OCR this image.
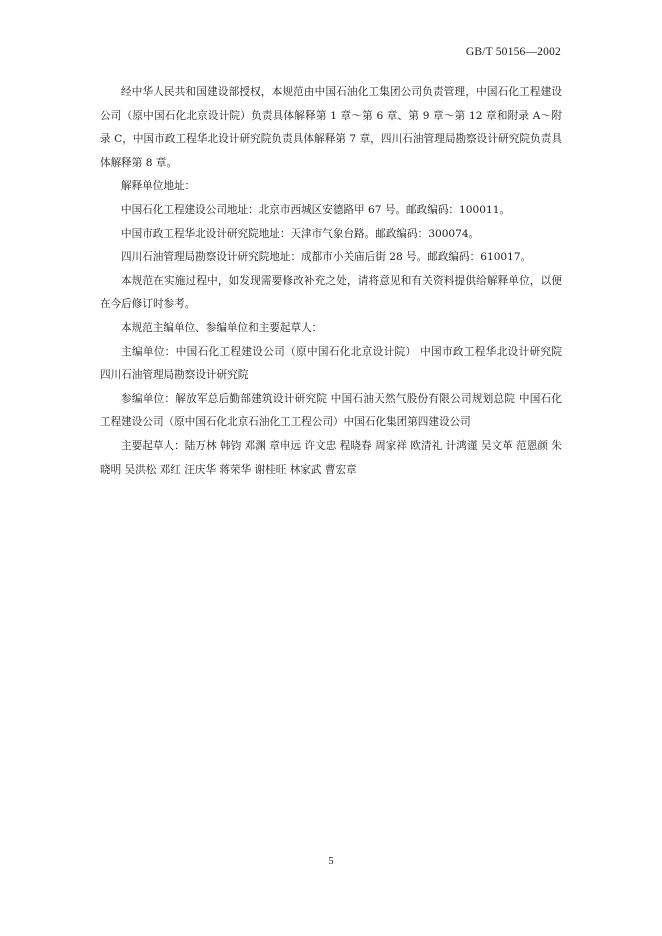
GB/T 50156—2002

经中华人民共和国建设部授权，本规范由中国石油化工集团公司负责管理，中国石化工程建设公司（原中国石化北京设计院）负责具体解释第 1 章～第 6 章、第 9 章～第 12 章和附录 A～附录 C，中国市政工程华北设计研究院负责具体解释第 7 章，四川石油管理局勘察设计研究院负责具体解释第 8 章。

解释单位地址：

中国石化工程建设公司地址：北京市西城区安德路甲 67 号。邮政编码：100011。

中国市政工程华北设计研究院地址：天津市气象台路。邮政编码：300074。

四川石油管理局勘察设计研究院地址：成都市小关庙后街 28 号。邮政编码：610017。

本规范在实施过程中，如发现需要修改补充之处，请将意见和有关资料提供给解释单位，以便在今后修订时参考。

本规范主编单位、参编单位和主要起草人：

主编单位：中国石化工程建设公司（原中国石化北京设计院） 中国市政工程华北设计研究院 四川石油管理局勘察设计研究院

参编单位：解放军总后勤部建筑设计研究院 中国石油天然气股份有限公司规划总院 中国石化工程建设公司（原中国石化北京石油化工工程公司）中国石化集团第四建设公司

主要起草人：陆万林 韩钧 邓渊 章申远 许文忠 程晓春 周家祥 欧清礼 计鸿谨 吴文革 范恩颜 朱晓明 吴洪松 邓红 汪庆华 蒋荣华 谢桂旺 林家武 曹宏章

5
